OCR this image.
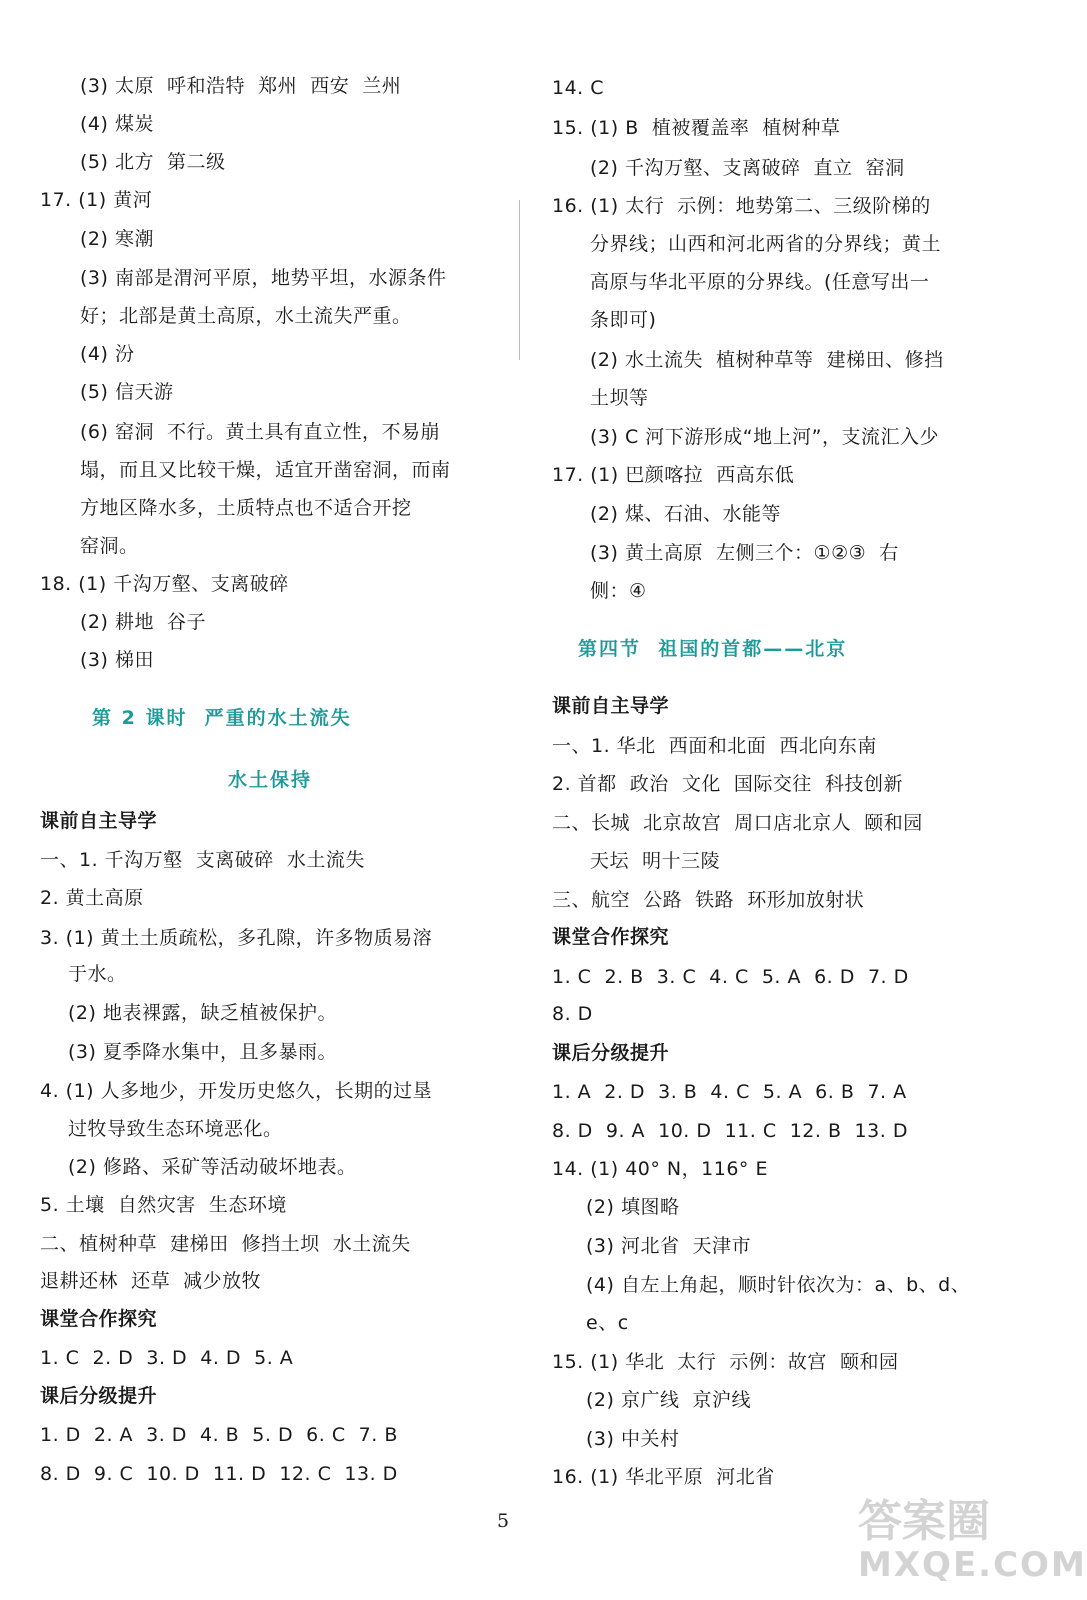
(3) 太原  呼和浩特  郑州  西安  兰州
(4) 煤炭
(5) 北方  第二级
17. (1) 黄河
(2) 寒潮
(3) 南部是渭河平原，地势平坦，水源条件
好；北部是黄土高原，水土流失严重。
(4) 汾
(5) 信天游
(6) 窑洞  不行。黄土具有直立性，不易崩
塌，而且又比较干燥，适宜开凿窑洞，而南
方地区降水多，土质特点也不适合开挖
窑洞。
18. (1) 千沟万壑、支离破碎
(2) 耕地  谷子
(3) 梯田
第 2 课时  严重的水土流失
水土保持
课前自主导学
一、1. 千沟万壑  支离破碎  水土流失
2. 黄土高原
3. (1) 黄土土质疏松，多孔隙，许多物质易溶
于水。
(2) 地表裸露，缺乏植被保护。
(3) 夏季降水集中，且多暴雨。
4. (1) 人多地少，开发历史悠久，长期的过垦
过牧导致生态环境恶化。
(2) 修路、采矿等活动破坏地表。
5. 土壤  自然灾害  生态环境
二、植树种草  建梯田  修挡土坝  水土流失
退耕还林  还草  减少放牧
课堂合作探究
1. C  2. D  3. D  4. D  5. A
课后分级提升
1. D  2. A  3. D  4. B  5. D  6. C  7. B
8. D  9. C  10. D  11. D  12. C  13. D
14. C
15. (1) B  植被覆盖率  植树种草
(2) 千沟万壑、支离破碎  直立  窑洞
16. (1) 太行  示例：地势第二、三级阶梯的
分界线；山西和河北两省的分界线；黄土
高原与华北平原的分界线。(任意写出一
条即可)
(2) 水土流失  植树种草等  建梯田、修挡
土坝等
(3) C 河下游形成“地上河”，支流汇入少
17. (1) 巴颜喀拉  西高东低
(2) 煤、石油、水能等
(3) 黄土高原  左侧三个：①②③  右
侧：④
第四节  祖国的首都——北京
课前自主导学
一、1. 华北  西面和北面  西北向东南
2. 首都  政治  文化  国际交往  科技创新
二、长城  北京故宫  周口店北京人  颐和园
天坛  明十三陵
三、航空  公路  铁路  环形加放射状
课堂合作探究
1. C  2. B  3. C  4. C  5. A  6. D  7. D
8. D
课后分级提升
1. A  2. D  3. B  4. C  5. A  6. B  7. A
8. D  9. A  10. D  11. C  12. B  13. D
14. (1) 40° N，116° E
(2) 填图略
(3) 河北省  天津市
(4) 自左上角起，顺时针依次为：a、b、d、
e、c
15. (1) 华北  太行  示例：故宫  颐和园
(2) 京广线  京沪线
(3) 中关村
16. (1) 华北平原  河北省
5	答案圈
MXQE.COM
